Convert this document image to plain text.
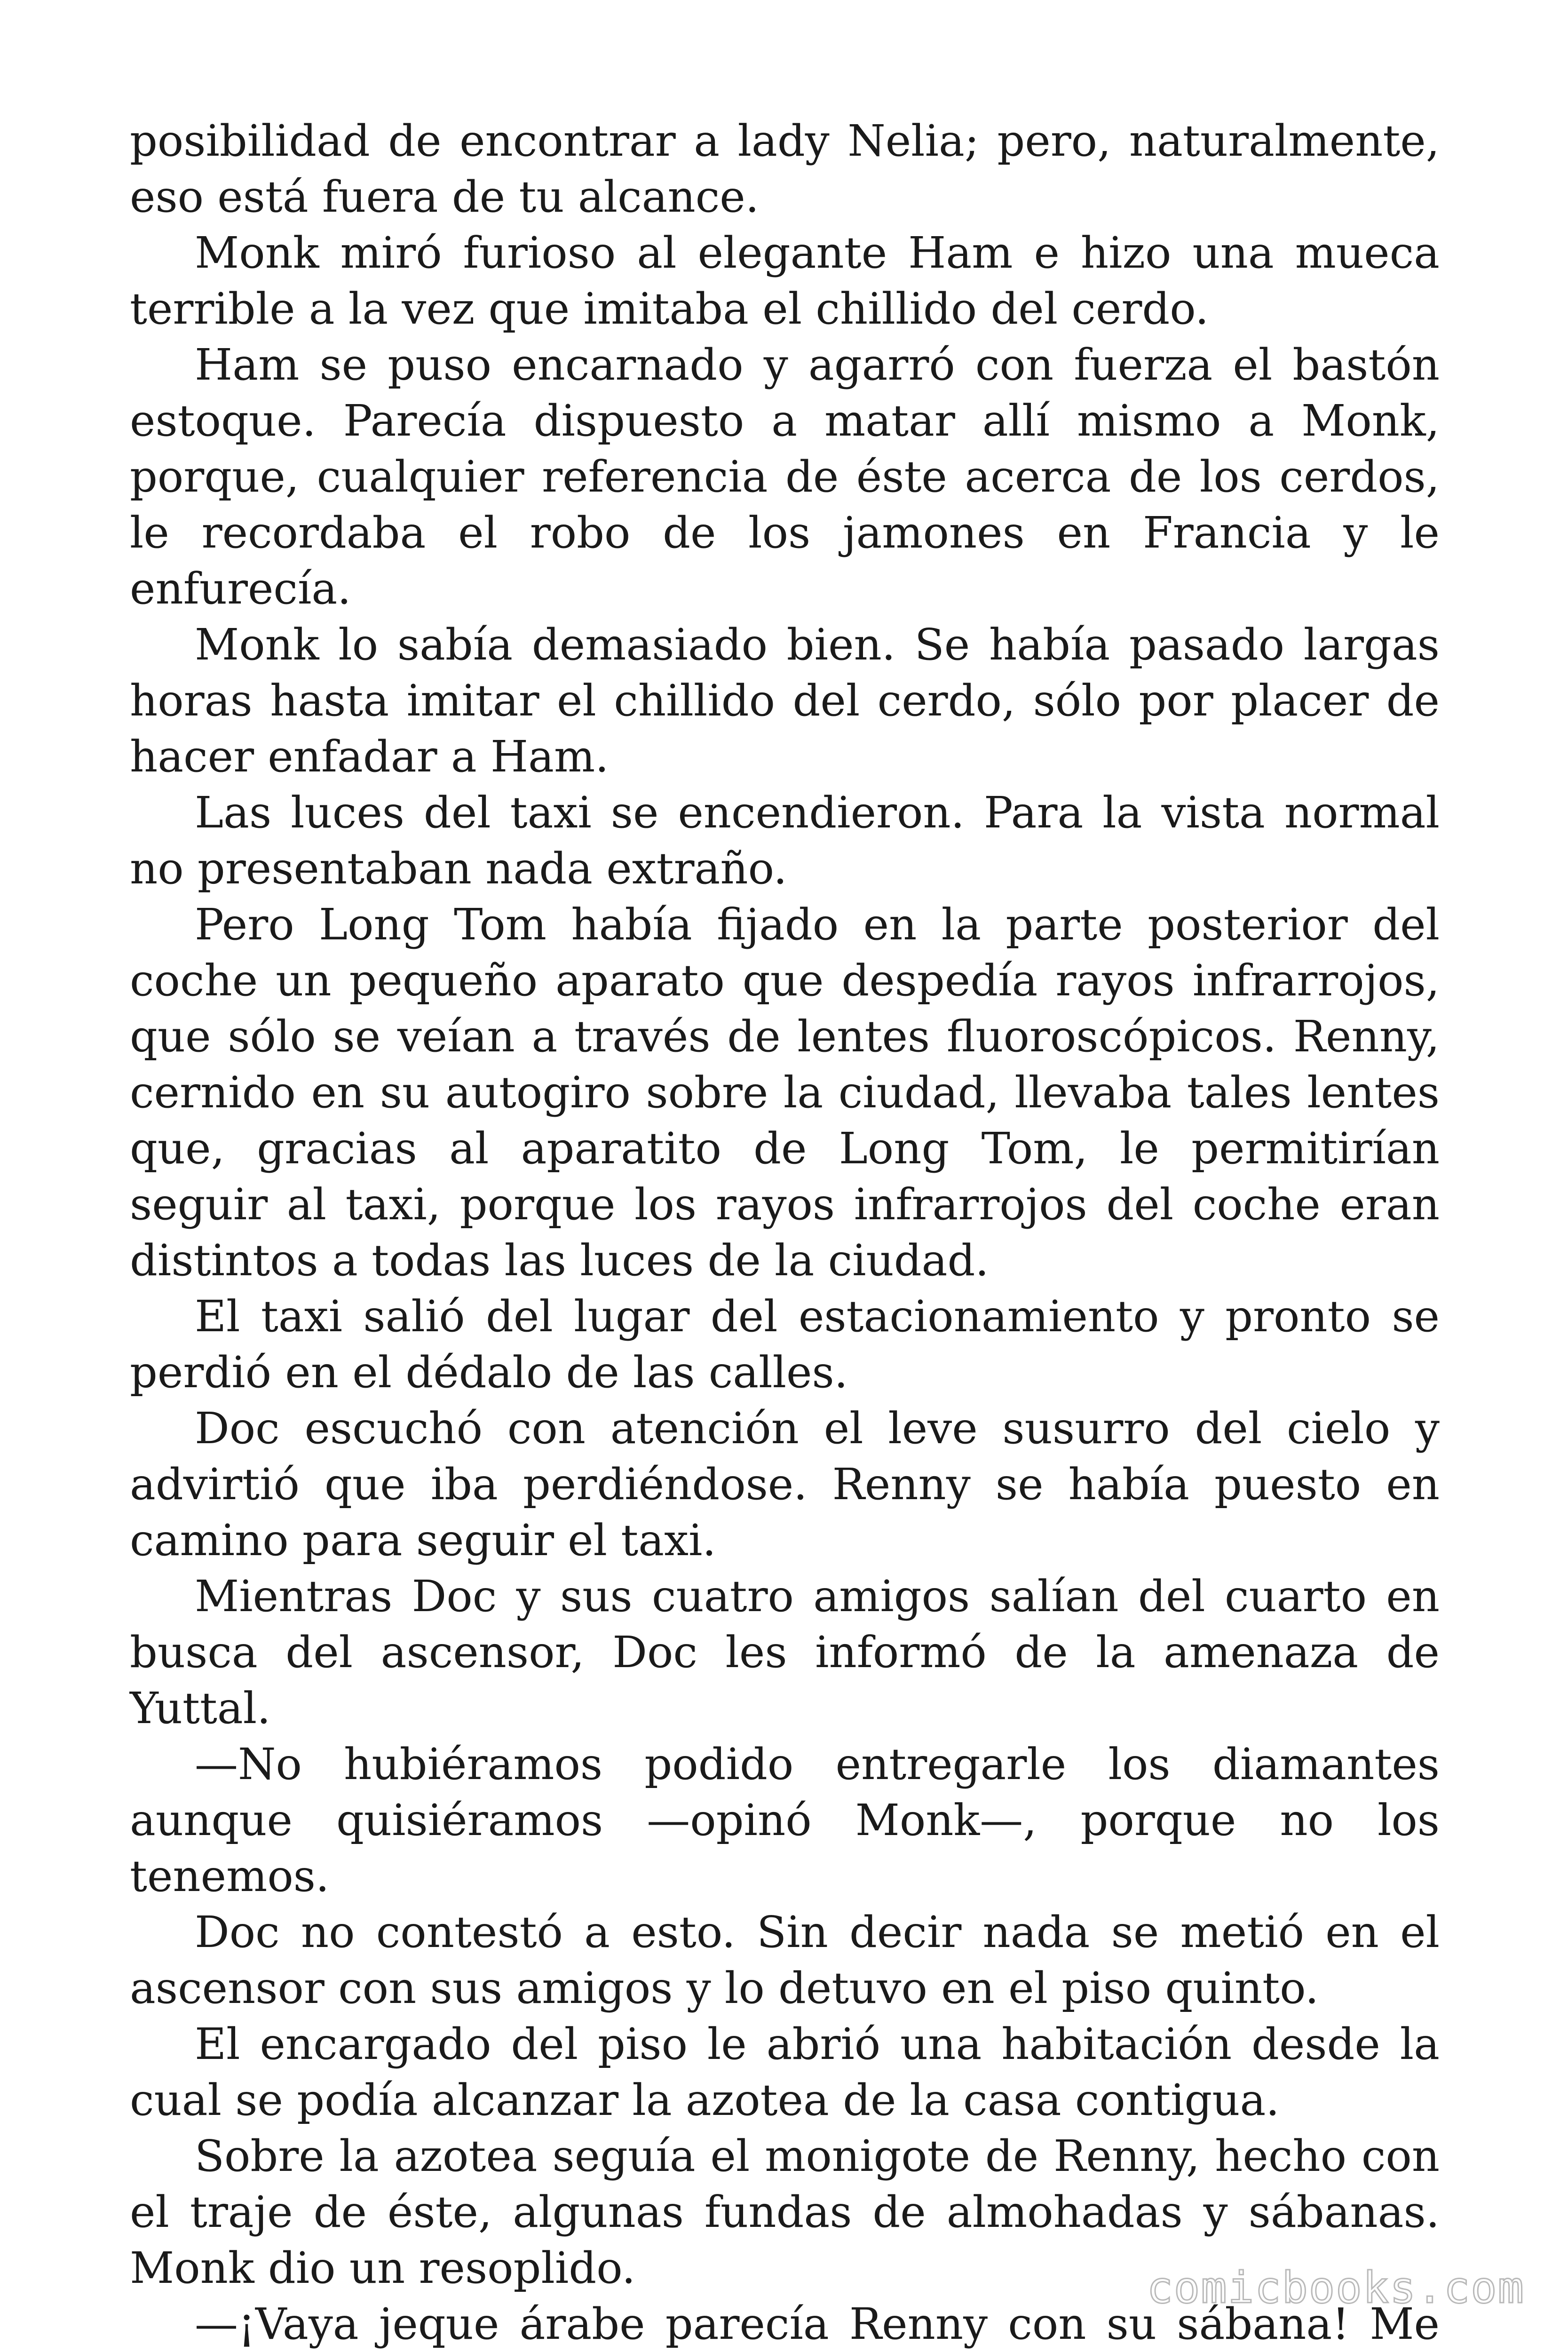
posibilidad de encontrar a lady Nelia; pero, naturalmente, eso está fuera de tu alcance.

Monk miró furioso al elegante Ham e hizo una mueca terrible a la vez que imitaba el chillido del cerdo.

Ham se puso encarnado y agarró con fuerza el bastón estoque. Parecía dispuesto a matar allí mismo a Monk, porque, cualquier referencia de éste acerca de los cerdos, le recordaba el robo de los jamones en Francia y le enfurecía.

Monk lo sabía demasiado bien. Se había pasado largas horas hasta imitar el chillido del cerdo, sólo por placer de hacer enfadar a Ham.

Las luces del taxi se encendieron. Para la vista normal no presentaban nada extraño.

Pero Long Tom había fijado en la parte posterior del coche un pequeño aparato que despedía rayos infrarrojos, que sólo se veían a través de lentes fluoroscópicos. Renny, cernido en su autogiro sobre la ciudad, llevaba tales lentes que, gracias al aparatito de Long Tom, le permitirían seguir al taxi, porque los rayos infrarrojos del coche eran distintos a todas las luces de la ciudad.

El taxi salió del lugar del estacionamiento y pronto se perdió en el dédalo de las calles.

Doc escuchó con atención el leve susurro del cielo y advirtió que iba perdiéndose. Renny se había puesto en camino para seguir el taxi.

Mientras Doc y sus cuatro amigos salían del cuarto en busca del ascensor, Doc les informó de la amenaza de Yuttal.

—No hubiéramos podido entregarle los diamantes aunque quisiéramos —opinó Monk—, porque no los tenemos.

Doc no contestó a esto. Sin decir nada se metió en el ascensor con sus amigos y lo detuvo en el piso quinto.

El encargado del piso le abrió una habitación desde la cual se podía alcanzar la azotea de la casa contigua.

Sobre la azotea seguía el monigote de Renny, hecho con el traje de éste, algunas fundas de almohadas y sábanas. Monk dio un resoplido.

—¡Vaya jeque árabe parecía Renny con su sábana! Me

comicbooks.com
